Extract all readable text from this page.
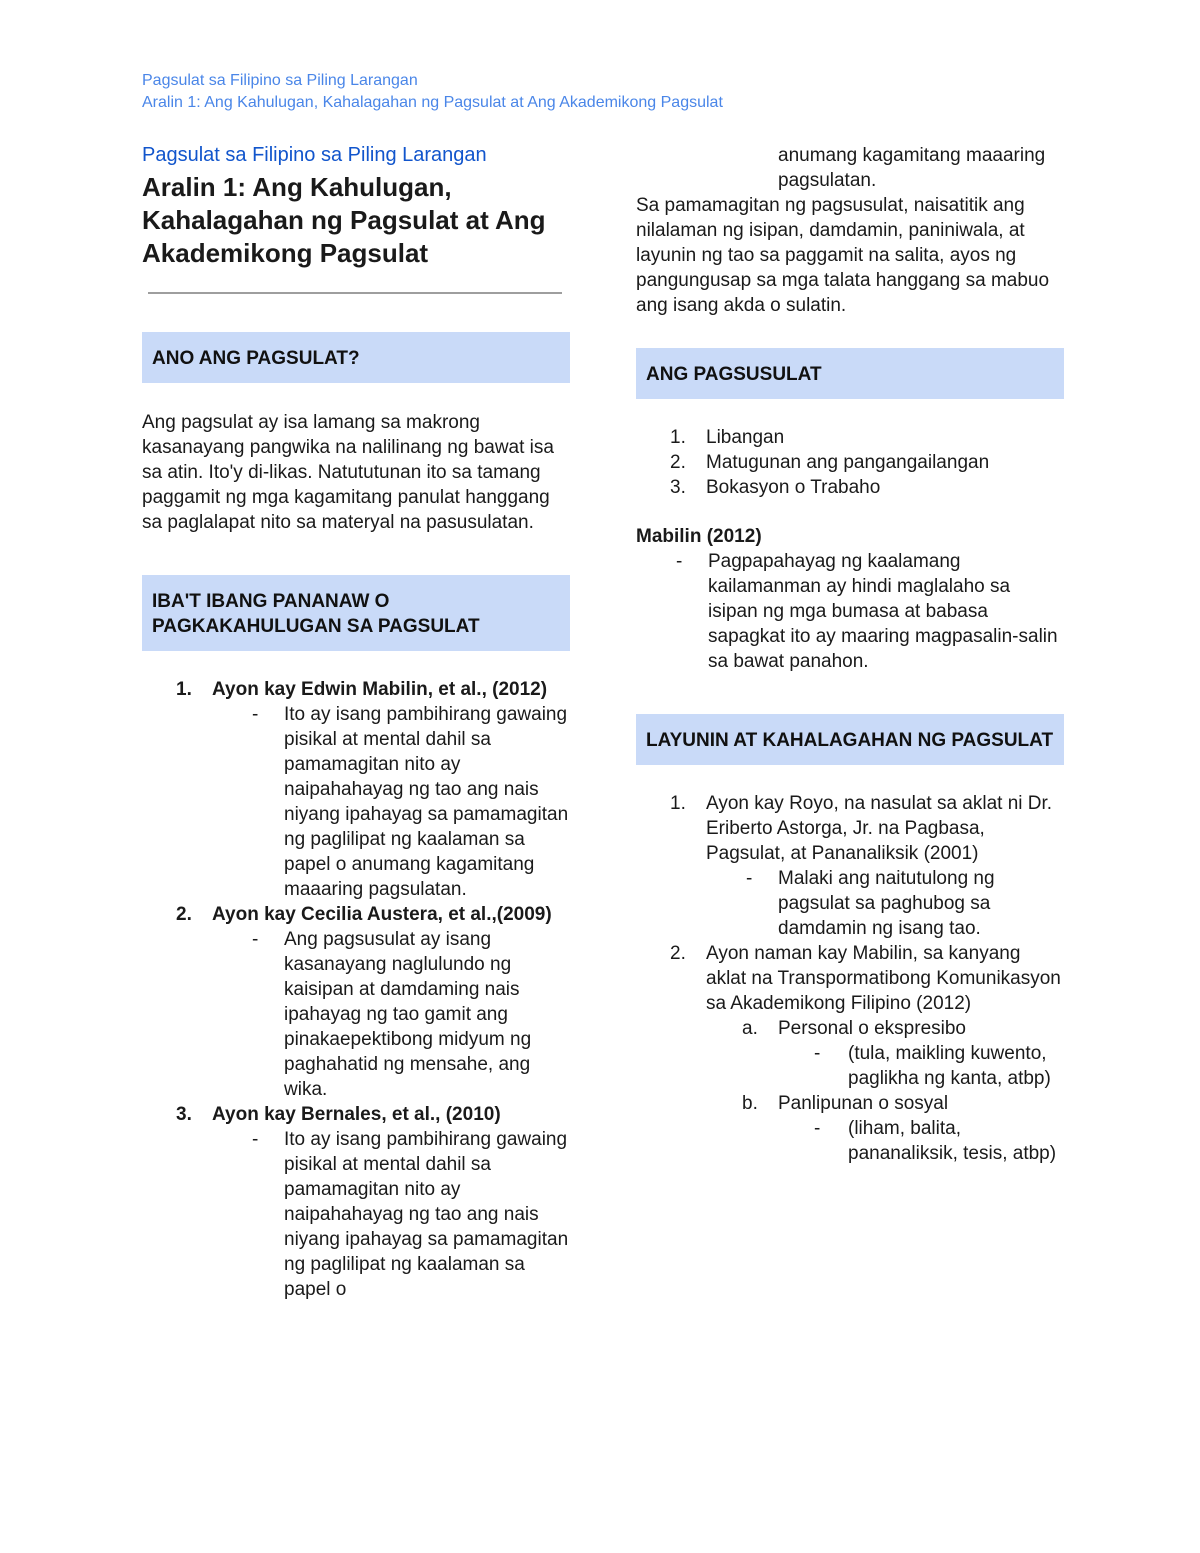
Pagsulat sa Filipino sa Piling Larangan
Aralin 1: Ang Kahulugan, Kahalagahan ng Pagsulat at Ang Akademikong Pagsulat
Pagsulat sa Filipino sa Piling Larangan
Aralin 1: Ang Kahulugan, Kahalagahan ng Pagsulat at Ang Akademikong Pagsulat
ANO ANG PAGSULAT?

Ang pagsulat ay isa lamang sa makrong kasanayang pangwika na nalilinang ng bawat isa sa atin. Ito'y di-likas. Natututunan ito sa tamang paggamit ng mga kagamitang panulat hanggang sa paglalapat nito sa materyal na pasusulatan.

IBA'T IBANG PANANAW O PAGKAKAHULUGAN SA PAGSULAT
1. Ayon kay Edwin Mabilin, et al., (2012)
- Ito ay isang pambihirang gawaing pisikal at mental dahil sa pamamagitan nito ay naipahahayag ng tao ang nais niyang ipahayag sa pamamagitan ng paglilipat ng kaalaman sa papel o anumang kagamitang maaaring pagsulatan.
2. Ayon kay Cecilia Austera, et al.,(2009)
- Ang pagsusulat ay isang kasanayang naglulundo ng kaisipan at damdaming nais ipahayag ng tao gamit ang pinakaepektibong midyum ng paghahatid ng mensahe, ang wika.
3. Ayon kay Bernales, et al., (2010)
- Ito ay isang pambihirang gawaing pisikal at mental dahil sa pamamagitan nito ay naipahahayag ng tao ang nais niyang ipahayag sa pamamagitan ng paglilipat ng kaalaman sa papel o
anumang kagamitang maaaring pagsulatan.

Sa pamamagitan ng pagsusulat, naisatitik ang nilalaman ng isipan, damdamin, paniniwala, at layunin ng tao sa paggamit na salita, ayos ng pangungusap sa mga talata hanggang sa mabuo ang isang akda o sulatin.

ANG PAGSUSULAT
1. Libangan
2. Matugunan ang pangangailangan
3. Bokasyon o Trabaho
Mabilin (2012)
- Pagpapahayag ng kaalamang kailamanman ay hindi maglalaho sa isipan ng mga bumasa at babasa sapagkat ito ay maaring magpasalin-salin sa bawat panahon.
LAYUNIN AT KAHALAGAHAN NG PAGSULAT
1. Ayon kay Royo, na nasulat sa aklat ni Dr. Eriberto Astorga, Jr. na Pagbasa, Pagsulat, at Pananaliksik (2001)
- Malaki ang naitutulong ng pagsulat sa paghubog sa damdamin ng isang tao.
2. Ayon naman kay Mabilin, sa kanyang aklat na Transpormatibong Komunikasyon sa Akademikong Filipino (2012)
a. Personal o ekspresibo
- (tula, maikling kuwento, paglikha ng kanta, atbp)
b. Panlipunan o sosyal
- (liham, balita, pananaliksik, tesis, atbp)
